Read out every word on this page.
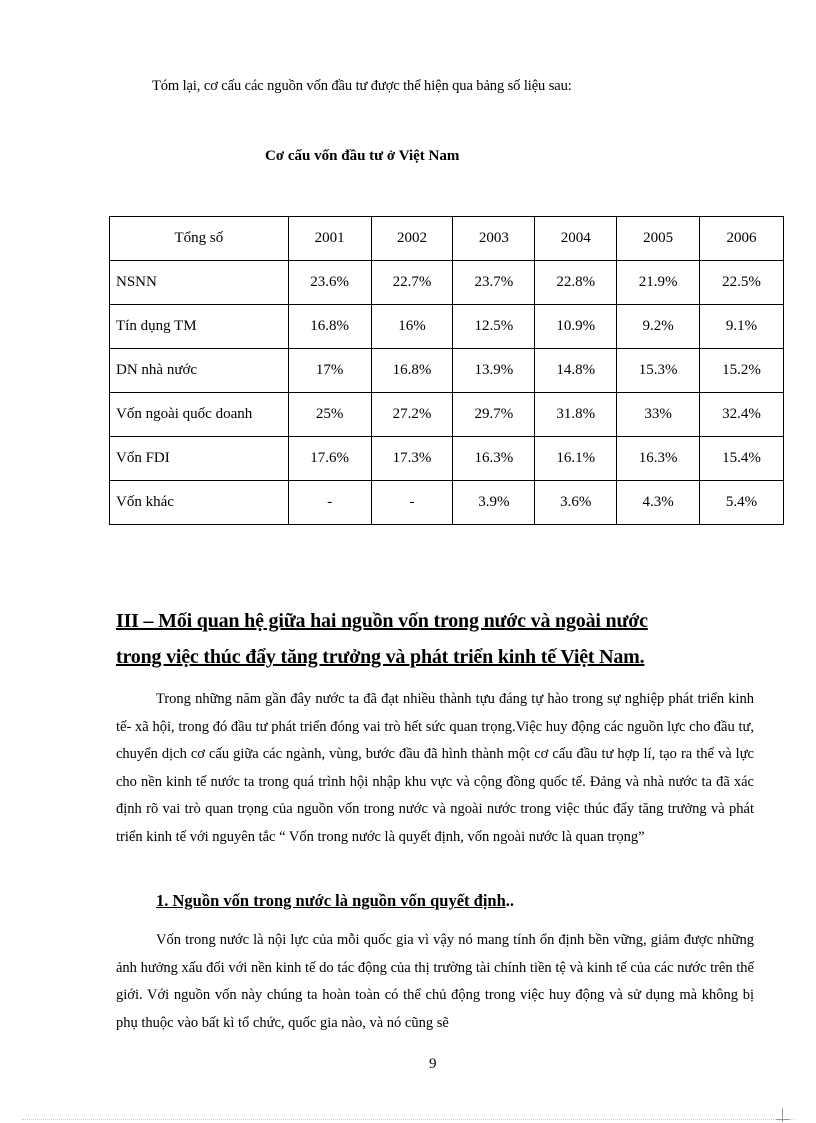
Tóm lại, cơ cấu các nguồn vốn đầu tư được thể hiện qua bảng số liệu sau:
Cơ cấu vốn đầu tư ở Việt Nam
Tổng số	2001	2002	2003	2004	2005	2006
NSNN	23.6%	22.7%	23.7%	22.8%	21.9%	22.5%
Tín dụng TM	16.8%	16%	12.5%	10.9%	9.2%	9.1%
DN nhà nước	17%	16.8%	13.9%	14.8%	15.3%	15.2%
Vốn ngoài quốc doanh	25%	27.2%	29.7%	31.8%	33%	32.4%
Vốn FDI	17.6%	17.3%	16.3%	16.1%	16.3%	15.4%
Vốn khác	-	-	3.9%	3.6%	4.3%	5.4%
III – Mối quan hệ giữa hai nguồn vốn trong nước và ngoài nước
trong việc thúc đẩy tăng trưởng và phát triển kinh tế Việt Nam.
Trong những năm gần đây nước ta đã đạt nhiều thành tựu đáng tự hào trong sự nghiệp phát triển kinh tế- xã hội, trong đó đầu tư phát triển đóng vai trò hết sức quan trọng.Việc huy động các nguồn lực cho đầu tư, chuyển dịch cơ cấu giữa các ngành, vùng, bước đầu đã hình thành một cơ cấu đầu tư hợp lí, tạo ra thế và lực cho nền kinh tế nước ta trong quá trình hội nhập khu vực và cộng đồng quốc tế. Đảng và nhà nước ta đã xác định rõ vai trò quan trọng của nguồn vốn trong nước và ngoài nước trong việc thúc đẩy tăng trưởng và phát triển kinh tế với nguyên tắc “ Vốn trong nước là quyết định, vốn ngoài nước là quan trọng”
1. Nguồn vốn trong nước là nguồn vốn quyết định..
Vốn trong nước là nội lực của mỗi quốc gia vì vậy nó mang tính ổn định bền vững, giảm được những ảnh hưởng xấu đối với nền kinh tế do tác động của thị trường tài chính tiền tệ và kinh tế của các nước trên thế giới. Với nguồn vốn này chúng ta hoàn toàn có thể chủ động trong việc huy động và sử dụng mà không bị phụ thuộc vào bất kì tổ chức, quốc gia nào, và nó cũng sẽ
9
